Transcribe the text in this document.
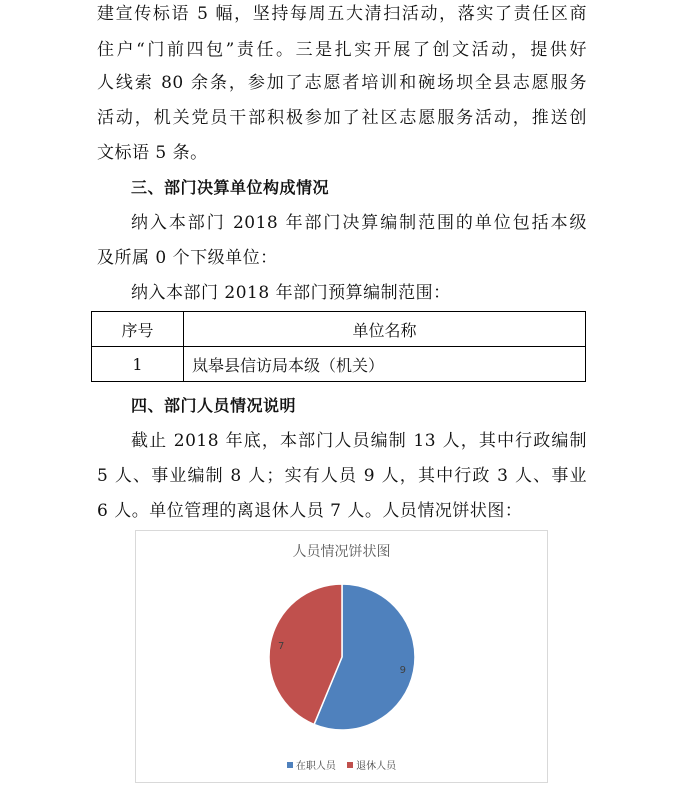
建宣传标语 5 幅，坚持每周五大清扫活动，落实了责任区商
住户“门前四包”责任。三是扎实开展了创文活动，提供好
人线索 80 余条，参加了志愿者培训和碗场坝全县志愿服务
活动，机关党员干部积极参加了社区志愿服务活动，推送创
文标语 5 条。
三、部门决算单位构成情况
纳入本部门 2018 年部门决算编制范围的单位包括本级
及所属 0 个下级单位：
纳入本部门 2018 年部门预算编制范围：
序号	单位名称
1	岚皋县信访局本级（机关）
四、部门人员情况说明
截止 2018 年底，本部门人员编制 13 人，其中行政编制
5 人、事业编制 8 人；实有人员 9 人，其中行政 3 人、事业
6 人。单位管理的离退休人员 7 人。人员情况饼状图：
人员情况饼状图
9
7
在职人员
退休人员
